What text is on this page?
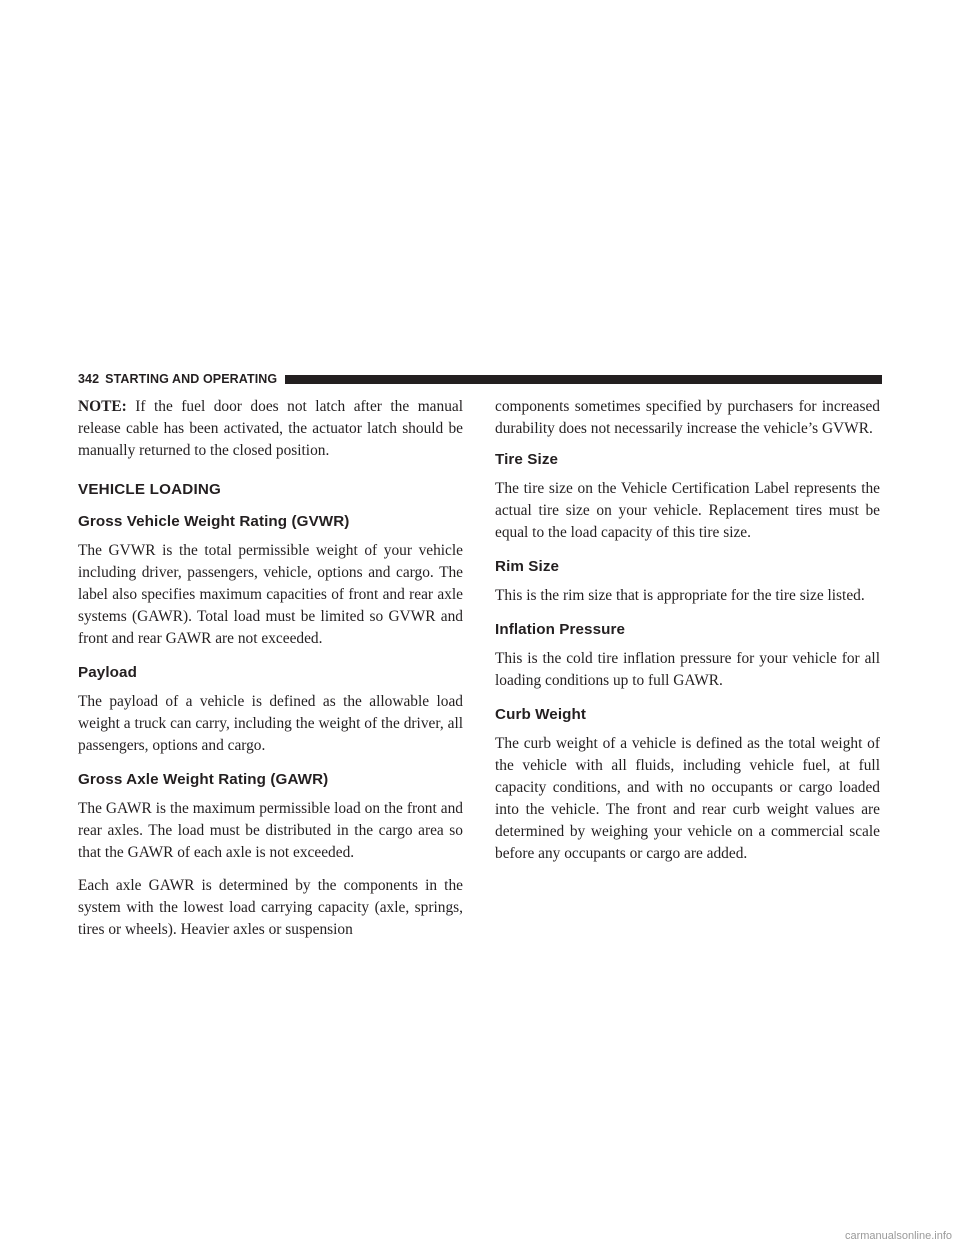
342 STARTING AND OPERATING

NOTE: If the fuel door does not latch after the manual release cable has been activated, the actuator latch should be manually returned to the closed position.

VEHICLE LOADING
Gross Vehicle Weight Rating (GVWR)

The GVWR is the total permissible weight of your vehicle including driver, passengers, vehicle, options and cargo. The label also specifies maximum capacities of front and rear axle systems (GAWR). Total load must be limited so GVWR and front and rear GAWR are not exceeded.

Payload

The payload of a vehicle is defined as the allowable load weight a truck can carry, including the weight of the driver, all passengers, options and cargo.

Gross Axle Weight Rating (GAWR)

The GAWR is the maximum permissible load on the front and rear axles. The load must be distributed in the cargo area so that the GAWR of each axle is not exceeded.

Each axle GAWR is determined by the components in the system with the lowest load carrying capacity (axle, springs, tires or wheels). Heavier axles or suspension

components sometimes specified by purchasers for increased durability does not necessarily increase the vehicle’s GVWR.

Tire Size

The tire size on the Vehicle Certification Label represents the actual tire size on your vehicle. Replacement tires must be equal to the load capacity of this tire size.

Rim Size

This is the rim size that is appropriate for the tire size listed.

Inflation Pressure

This is the cold tire inflation pressure for your vehicle for all loading conditions up to full GAWR.

Curb Weight

The curb weight of a vehicle is defined as the total weight of the vehicle with all fluids, including vehicle fuel, at full capacity conditions, and with no occupants or cargo loaded into the vehicle. The front and rear curb weight values are determined by weighing your vehicle on a commercial scale before any occupants or cargo are added.

carmanualsonline.info
